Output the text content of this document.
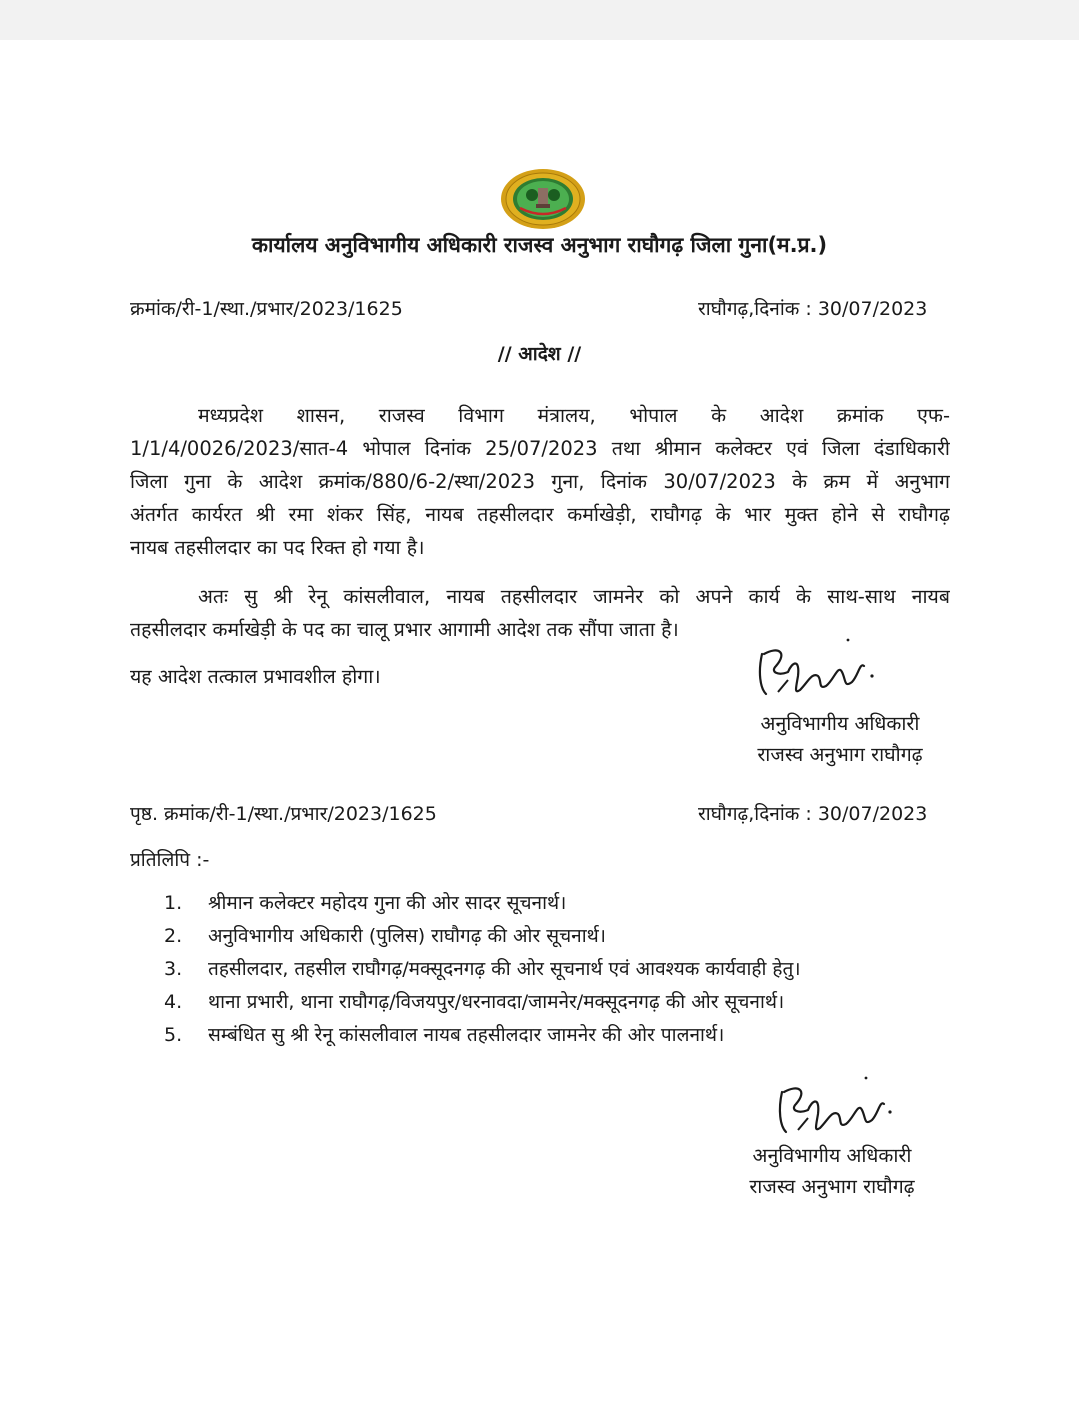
कार्यालय अनुविभागीय अधिकारी राजस्व अनुभाग राघौगढ़ जिला गुना(म.प्र.)
क्रमांक/री-1/स्था./प्रभार/2023/1625	राघौगढ़,दिनांक : 30/07/2023
// आदेश //
मध्यप्रदेश शासन, राजस्व विभाग मंत्रालय, भोपाल के आदेश क्रमांक एफ-
1/1/4/0026/2023/सात-4 भोपाल दिनांक 25/07/2023 तथा श्रीमान कलेक्टर एवं जिला दंडाधिकारी
जिला गुना के आदेश क्रमांक/880/6-2/स्था/2023 गुना, दिनांक 30/07/2023 के क्रम में अनुभाग
अंतर्गत कार्यरत श्री रमा शंकर सिंह, नायब तहसीलदार कर्माखेड़ी, राघौगढ़ के भार मुक्त होने से राघौगढ़
नायब तहसीलदार का पद रिक्त हो गया है।
अतः सु श्री रेनू कांसलीवाल, नायब तहसीलदार जामनेर को अपने कार्य के साथ-साथ नायब
तहसीलदार कर्माखेड़ी के पद का चालू प्रभार आगामी आदेश तक सौंपा जाता है।
यह आदेश तत्काल प्रभावशील होगा।
अनुविभागीय अधिकारी
राजस्व अनुभाग राघौगढ़
पृष्ठ. क्रमांक/री-1/स्था./प्रभार/2023/1625	राघौगढ़,दिनांक : 30/07/2023
प्रतिलिपि :-
1. श्रीमान कलेक्टर महोदय गुना की ओर सादर सूचनार्थ।
2. अनुविभागीय अधिकारी (पुलिस) राघौगढ़ की ओर सूचनार्थ।
3. तहसीलदार, तहसील राघौगढ़/मक्सूदनगढ़ की ओर सूचनार्थ एवं आवश्यक कार्यवाही हेतु।
4. थाना प्रभारी, थाना राघौगढ़/विजयपुर/धरनावदा/जामनेर/मक्सूदनगढ़ की ओर सूचनार्थ।
5. सम्बंधित सु श्री रेनू कांसलीवाल नायब तहसीलदार जामनेर की ओर पालनार्थ।
अनुविभागीय अधिकारी
राजस्व अनुभाग राघौगढ़
